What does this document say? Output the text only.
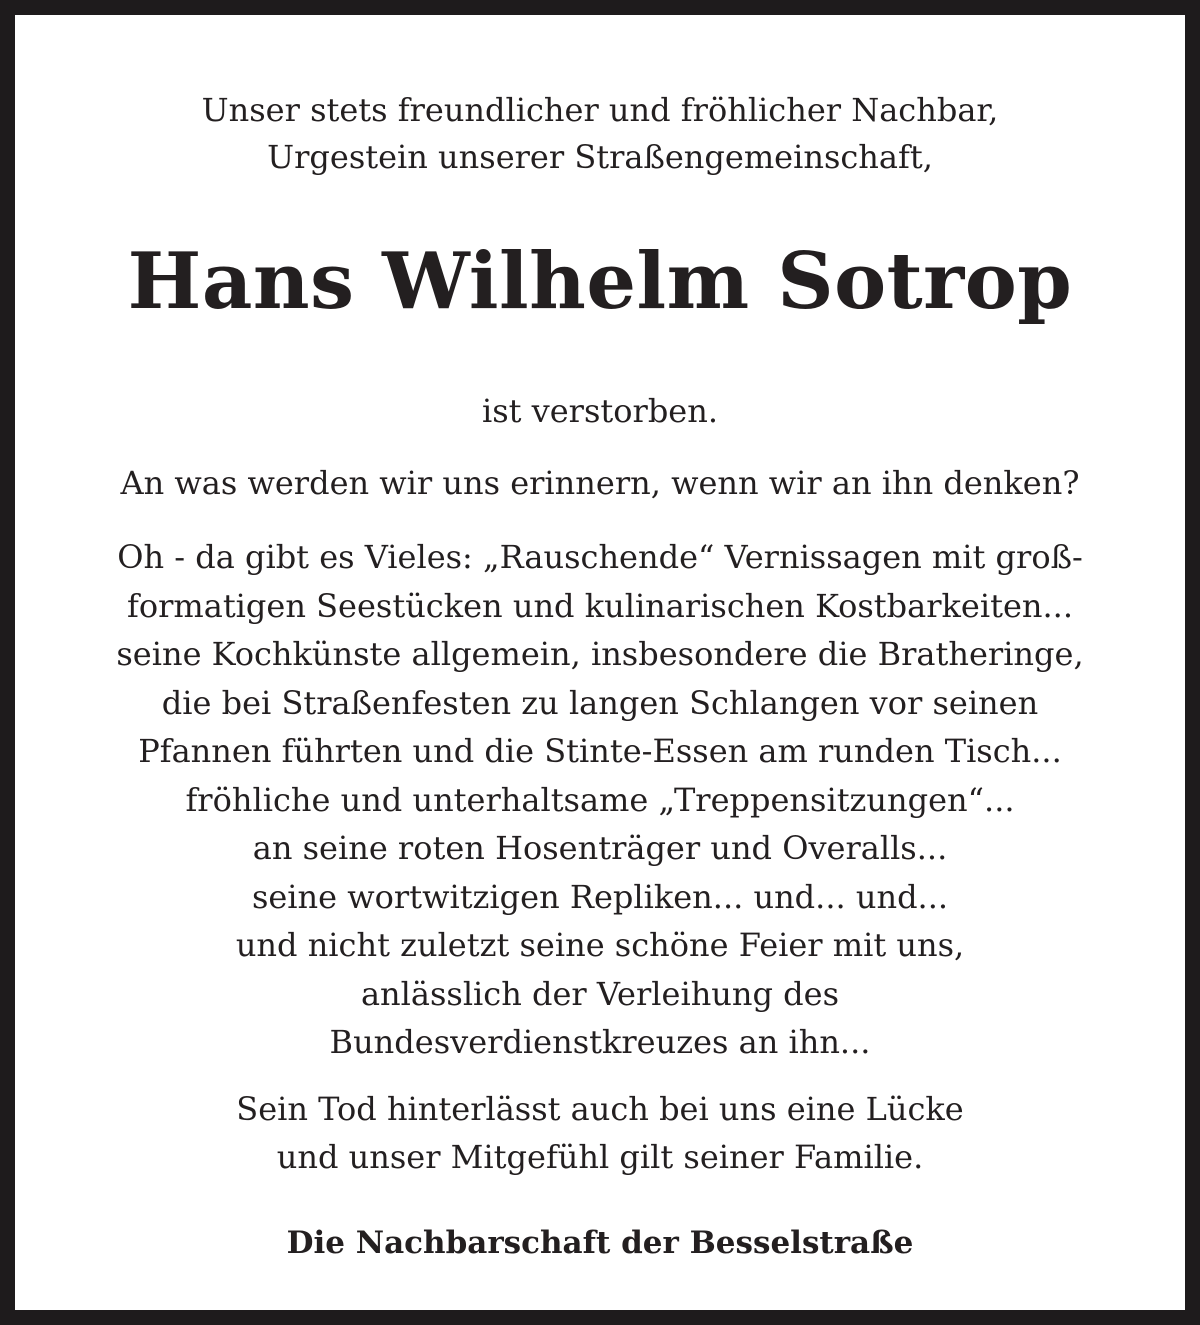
Unser stets freundlicher und fröhlicher Nachbar,
Urgestein unserer Straßengemeinschaft,
Hans Wilhelm Sotrop
ist verstorben.
An was werden wir uns erinnern, wenn wir an ihn denken?
Oh - da gibt es Vieles: „Rauschende“ Vernissagen mit groß-
formatigen Seestücken und kulinarischen Kostbarkeiten...
seine Kochkünste allgemein, insbesondere die Bratheringe,
die bei Straßenfesten zu langen Schlangen vor seinen
Pfannen führten und die Stinte-Essen am runden Tisch...
fröhliche und unterhaltsame „Treppensitzungen“...
an seine roten Hosenträger und Overalls...
seine wortwitzigen Repliken... und... und...
und nicht zuletzt seine schöne Feier mit uns,
anlässlich der Verleihung des
Bundesverdienstkreuzes an ihn...
Sein Tod hinterlässt auch bei uns eine Lücke
und unser Mitgefühl gilt seiner Familie.
Die Nachbarschaft der Besselstraße
